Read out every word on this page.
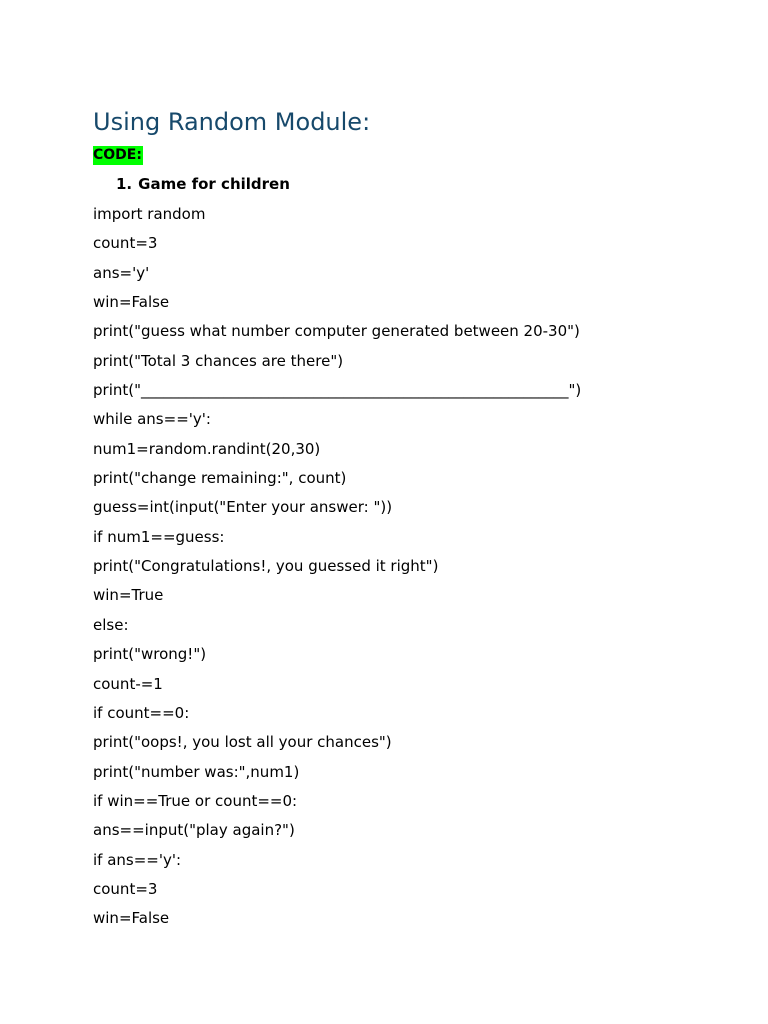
Using Random Module:
CODE:
1. Game for children
import random
count=3
ans='y'
win=False
print("guess what number computer generated between 20-30")
print("Total 3 chances are there")
print("_________________________________________________________")
while ans=='y':
num1=random.randint(20,30)
print("change remaining:", count)
guess=int(input("Enter your answer: "))
if num1==guess:
print("Congratulations!, you guessed it right")
win=True
else:
print("wrong!")
count-=1
if count==0:
print("oops!, you lost all your chances")
print("number was:",num1)
if win==True or count==0:
ans==input("play again?")
if ans=='y':
count=3
win=False
